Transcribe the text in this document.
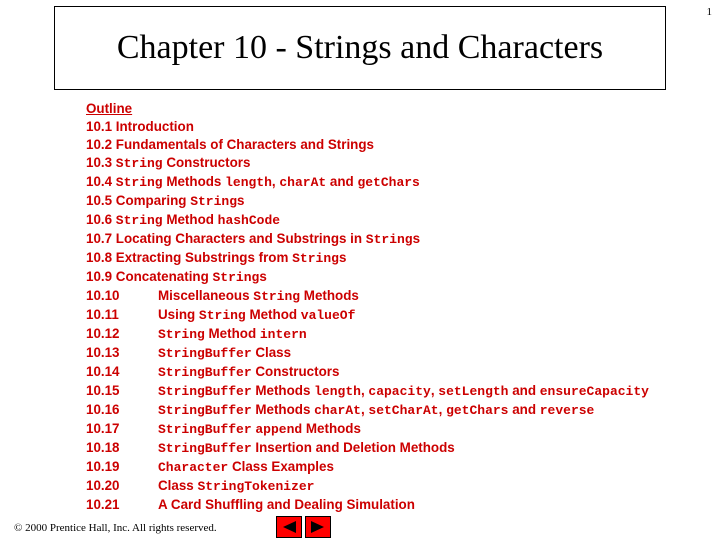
1
Chapter 10 - Strings and Characters
Outline
10.1 Introduction
10.2 Fundamentals of Characters and Strings
10.3 String Constructors
10.4 String Methods length, charAt and getChars
10.5 Comparing Strings
10.6 String Method hashCode
10.7 Locating Characters and Substrings in Strings
10.8 Extracting Substrings from Strings
10.9 Concatenating Strings
10.10	Miscellaneous String Methods
10.11	Using String Method valueOf
10.12	String Method intern
10.13	StringBuffer Class
10.14	StringBuffer Constructors
10.15	StringBuffer Methods length, capacity, setLength and ensureCapacity
10.16	StringBuffer Methods charAt, setCharAt, getChars and reverse
10.17	StringBuffer append Methods
10.18	StringBuffer Insertion and Deletion Methods
10.19	Character Class Examples
10.20	Class StringTokenizer
10.21	A Card Shuffling and Dealing Simulation
© 2000 Prentice Hall, Inc. All rights reserved.
